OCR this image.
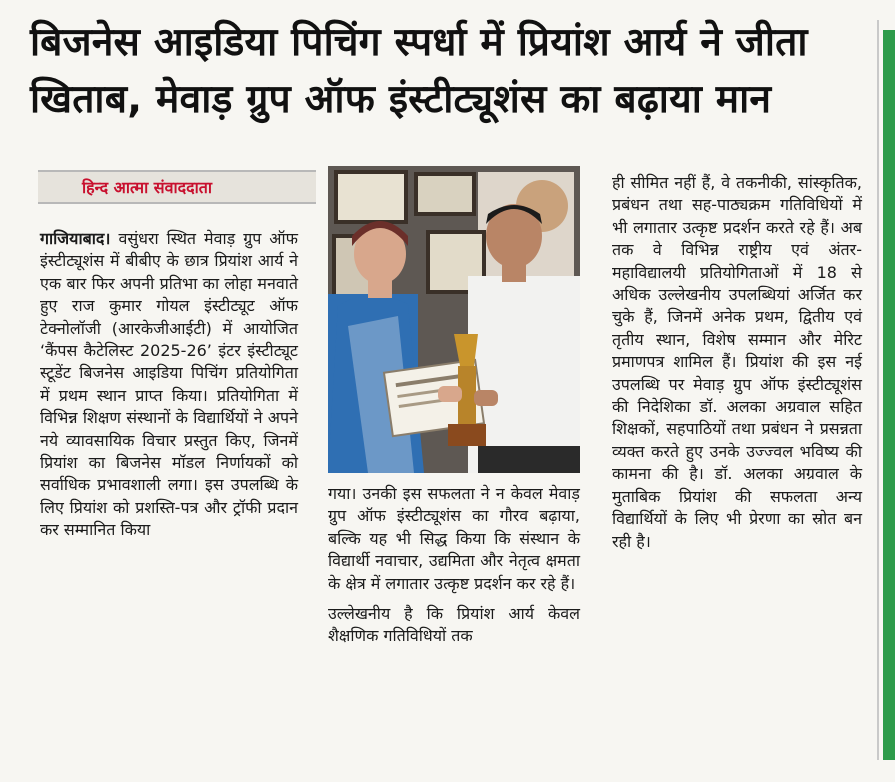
बिजनेस आइडिया पिचिंग स्पर्धा में प्रियांश आर्य ने जीता
खिताब, मेवाड़ ग्रुप ऑफ इंस्टीट्यूशंस का बढ़ाया मान
हिन्द आत्मा संवाददाता

गाजियाबाद। वसुंधरा स्थित मेवाड़ ग्रुप ऑफ इंस्टीट्यूशंस में बीबीए के छात्र प्रियांश आर्य ने एक बार फिर अपनी प्रतिभा का लोहा मनवाते हुए राज कुमार गोयल इंस्टीट्यूट ऑफ टेक्नोलॉजी (आरकेजीआईटी) में आयोजित ‘कैंपस कैटेलिस्ट 2025-26’ इंटर इंस्टीट्यूट स्टूडेंट बिजनेस आइडिया पिचिंग प्रतियोगिता में प्रथम स्थान प्राप्त किया। प्रतियोगिता में विभिन्न शिक्षण संस्थानों के विद्यार्थियों ने अपने नये व्यावसायिक विचार प्रस्तुत किए, जिनमें प्रियांश का बिजनेस मॉडल निर्णायकों को सर्वाधिक प्रभावशाली लगा। इस उपलब्धि के लिए प्रियांश को प्रशस्ति-पत्र और ट्रॉफी प्रदान कर सम्मानित किया

गया। उनकी इस सफलता ने न केवल मेवाड़ ग्रुप ऑफ इंस्टीट्यूशंस का गौरव बढ़ाया, बल्कि यह भी सिद्ध किया कि संस्थान के विद्यार्थी नवाचार, उद्यमिता और नेतृत्व क्षमता के क्षेत्र में लगातार उत्कृष्ट प्रदर्शन कर रहे हैं।

उल्लेखनीय है कि प्रियांश आर्य केवल शैक्षणिक गतिविधियों तक

ही सीमित नहीं हैं, वे तकनीकी, सांस्कृतिक, प्रबंधन तथा सह-पाठ्यक्रम गतिविधियों में भी लगातार उत्कृष्ट प्रदर्शन करते रहे हैं। अब तक वे विभिन्न राष्ट्रीय एवं अंतर-महाविद्यालयी प्रतियोगिताओं में 18 से अधिक उल्लेखनीय उपलब्धियां अर्जित कर चुके हैं, जिनमें अनेक प्रथम, द्वितीय एवं तृतीय स्थान, विशेष सम्मान और मेरिट प्रमाणपत्र शामिल हैं। प्रियांश की इस नई उपलब्धि पर मेवाड़ ग्रुप ऑफ इंस्टीट्यूशंस की निदेशिका डॉ. अलका अग्रवाल सहित शिक्षकों, सहपाठियों तथा प्रबंधन ने प्रसन्नता व्यक्त करते हुए उनके उज्ज्वल भविष्य की कामना की है। डॉ. अलका अग्रवाल के मुताबिक प्रियांश की सफलता अन्य विद्यार्थियों के लिए भी प्रेरणा का स्रोत बन रही है।
